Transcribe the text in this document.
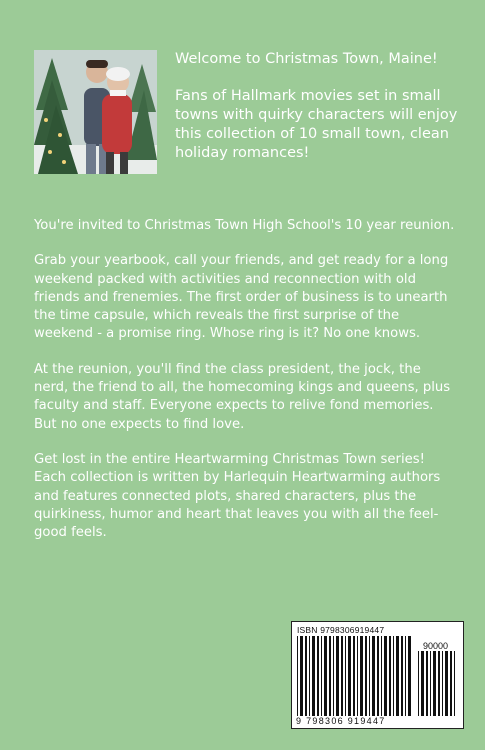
Welcome to Christmas Town, Maine!

Fans of Hallmark movies set in small towns with quirky characters will enjoy this collection of 10 small town, clean holiday romances!

You're invited to Christmas Town High School's 10 year reunion.

Grab your yearbook, call your friends, and get ready for a long weekend packed with activities and reconnection with old friends and frenemies. The first order of business is to unearth the time capsule, which reveals the first surprise of the weekend - a promise ring. Whose ring is it? No one knows.

At the reunion, you'll find the class president, the jock, the nerd, the friend to all, the homecoming kings and queens, plus faculty and staff. Everyone expects to relive fond memories. But no one expects to find love.

Get lost in the entire Heartwarming Christmas Town series! Each collection is written by Harlequin Heartwarming authors and features connected plots, shared characters, plus the quirkiness, humor and heart that leaves you with all the feel-good feels.

ISBN 9798306919447
90000
9 798306 919447
